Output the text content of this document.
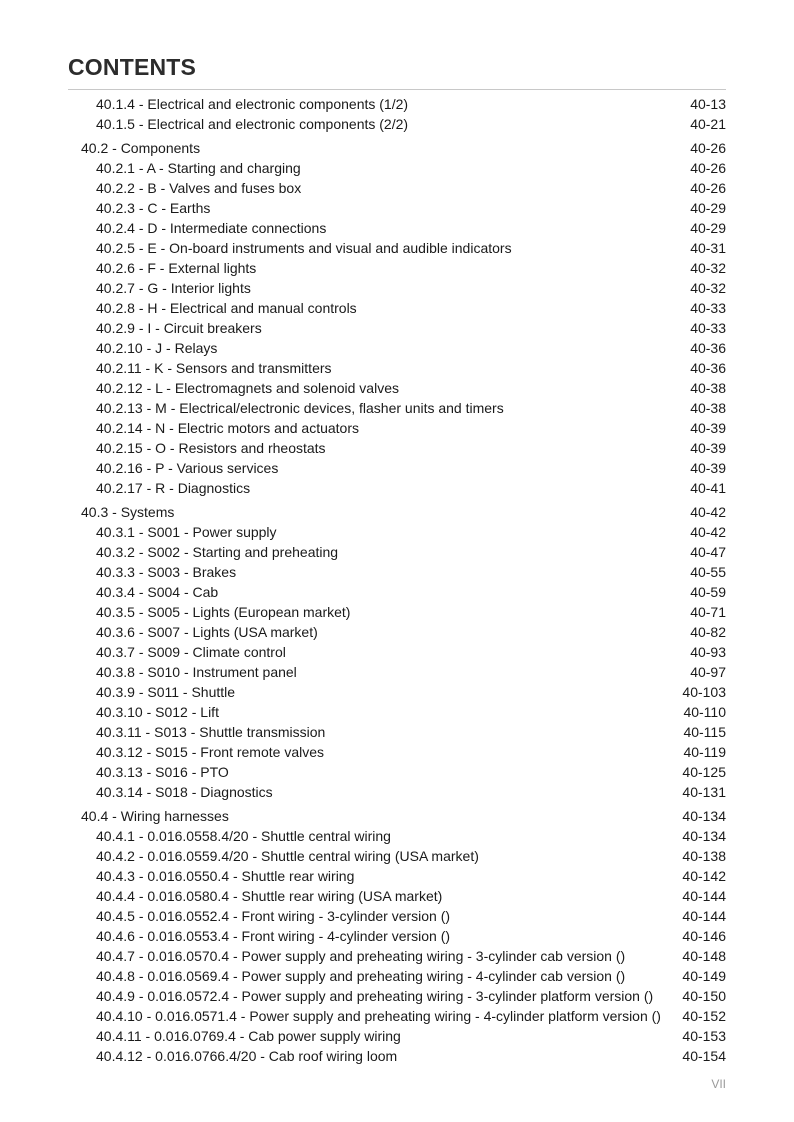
CONTENTS
40.1.4 - Electrical and electronic components (1/2)	40-13
40.1.5 - Electrical and electronic components (2/2)	40-21
40.2 - Components	40-26
40.2.1 - A - Starting and charging	40-26
40.2.2 - B - Valves and fuses box	40-26
40.2.3 - C - Earths	40-29
40.2.4 - D - Intermediate connections	40-29
40.2.5 - E - On-board instruments and visual and audible indicators	40-31
40.2.6 - F - External lights	40-32
40.2.7 - G - Interior lights	40-32
40.2.8 - H - Electrical and manual controls	40-33
40.2.9 - I - Circuit breakers	40-33
40.2.10 - J - Relays	40-36
40.2.11 - K - Sensors and transmitters	40-36
40.2.12 - L - Electromagnets and solenoid valves	40-38
40.2.13 - M - Electrical/electronic devices, flasher units and timers	40-38
40.2.14 - N - Electric motors and actuators	40-39
40.2.15 - O - Resistors and rheostats	40-39
40.2.16 - P - Various services	40-39
40.2.17 - R - Diagnostics	40-41
40.3 - Systems	40-42
40.3.1 - S001 - Power supply	40-42
40.3.2 - S002 - Starting and preheating	40-47
40.3.3 - S003 - Brakes	40-55
40.3.4 - S004 - Cab	40-59
40.3.5 - S005 - Lights (European market)	40-71
40.3.6 - S007 - Lights (USA market)	40-82
40.3.7 - S009 - Climate control	40-93
40.3.8 - S010 - Instrument panel	40-97
40.3.9 - S011 - Shuttle	40-103
40.3.10 - S012 - Lift	40-110
40.3.11 - S013 - Shuttle transmission	40-115
40.3.12 - S015 - Front remote valves	40-119
40.3.13 - S016 - PTO	40-125
40.3.14 - S018 - Diagnostics	40-131
40.4 - Wiring harnesses	40-134
40.4.1 - 0.016.0558.4/20 - Shuttle central wiring	40-134
40.4.2 - 0.016.0559.4/20 - Shuttle central wiring (USA market)	40-138
40.4.3 - 0.016.0550.4 - Shuttle rear wiring	40-142
40.4.4 - 0.016.0580.4 - Shuttle rear wiring (USA market)	40-144
40.4.5 - 0.016.0552.4 - Front wiring - 3-cylinder version ()	40-144
40.4.6 - 0.016.0553.4 - Front wiring - 4-cylinder version ()	40-146
40.4.7 - 0.016.0570.4 - Power supply and preheating wiring - 3-cylinder cab version ()	40-148
40.4.8 - 0.016.0569.4 - Power supply and preheating wiring - 4-cylinder cab version ()	40-149
40.4.9 - 0.016.0572.4 - Power supply and preheating wiring - 3-cylinder platform version () 40-150
40.4.10 - 0.016.0571.4 - Power supply and preheating wiring - 4-cylinder platform version () 40-152
40.4.11 - 0.016.0769.4 - Cab power supply wiring	40-153
40.4.12 - 0.016.0766.4/20 - Cab roof wiring loom	40-154
VII
